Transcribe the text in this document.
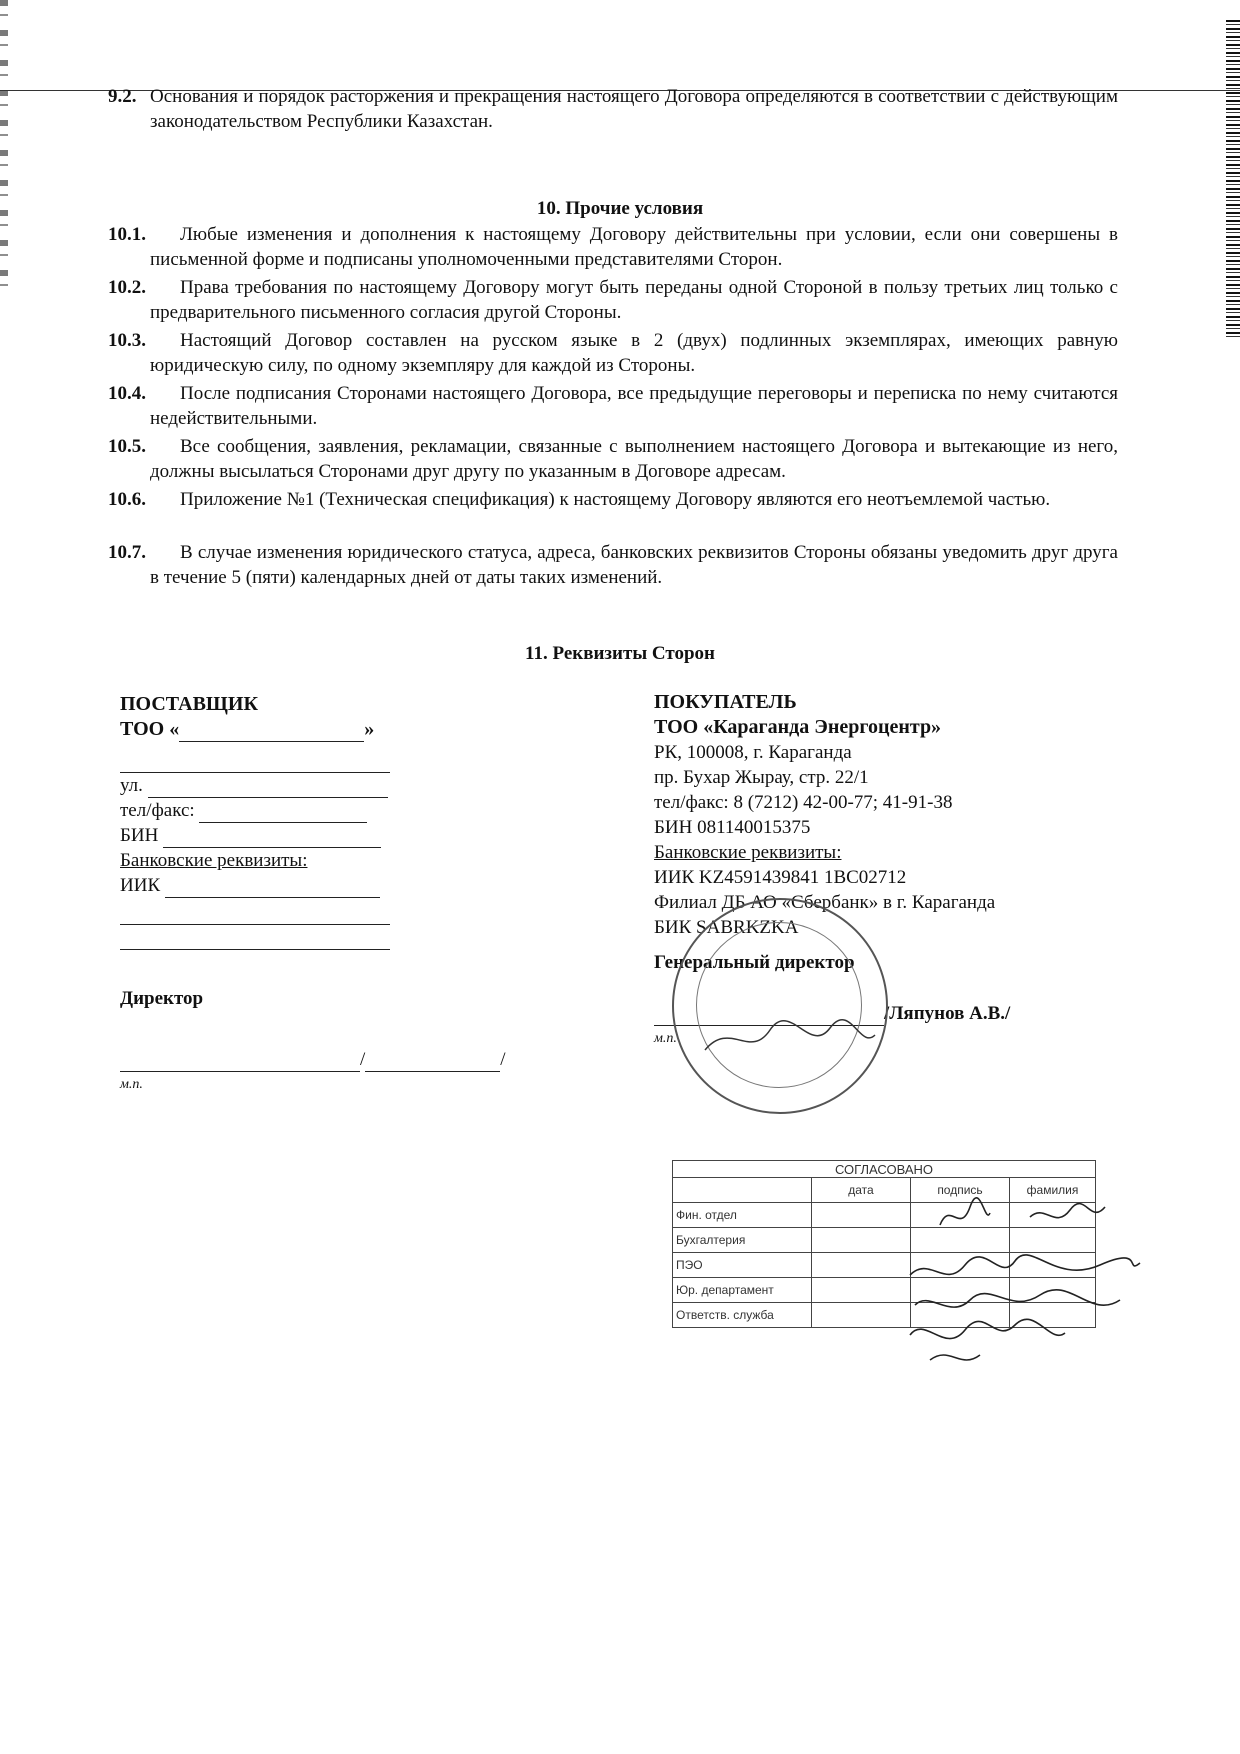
9.2. Основания и порядок расторжения и прекращения настоящего Договора определяются в соответствии с действующим законодательством Республики Казахстан.
10. Прочие условия
10.1.	Любые изменения и дополнения к настоящему Договору действительны при условии, если они совершены в письменной форме и подписаны уполномоченными представителями Сторон.
10.2.	Права требования по настоящему Договору могут быть переданы одной Стороной в пользу третьих лиц только с предварительного письменного согласия другой Стороны.
10.3.	Настоящий Договор составлен на русском языке в 2 (двух) подлинных экземплярах, имеющих равную юридическую силу, по одному экземпляру для каждой из Стороны.
10.4.	После подписания Сторонами настоящего Договора, все предыдущие переговоры и переписка по нему считаются недействительными.
10.5.	Все сообщения, заявления, рекламации, связанные с выполнением настоящего Договора и вытекающие из него, должны высылаться Сторонами друг другу по указанным в Договоре адресам.
10.6.	Приложение №1 (Техническая спецификация) к настоящему Договору являются его неотъемлемой частью.
10.7.	В случае изменения юридического статуса, адреса, банковских реквизитов Стороны обязаны уведомить друг друга в течение 5 (пяти) календарных дней от даты таких изменений.
11. Реквизиты Сторон
ПОСТАВЩИК
ТОО «	»
ул.
тел/факс:
БИН
Банковские реквизиты:
ИИК
Директор
/	/
м.п.
ПОКУПАТЕЛЬ
ТОО «Караганда Энергоцентр»
РК, 100008, г. Караганда
пр. Бухар Жырау, стр. 22/1
тел/факс: 8 (7212) 42-00-77; 41-91-38
БИН 081140015375
Банковские реквизиты:
ИИК KZ4591439841 1BC02712
Филиал ДБ АО «Сбербанк» в г. Караганда
БИК SABRKZKA
Генеральный директор
/Ляпунов А.В./
м.п.
СОГЛАСОВАНО			
	дата	подпись	фамилия
Фин. отдел			
Бухгалтерия			
ПЭО			
Юр. департамент			
Ответств. служба			
